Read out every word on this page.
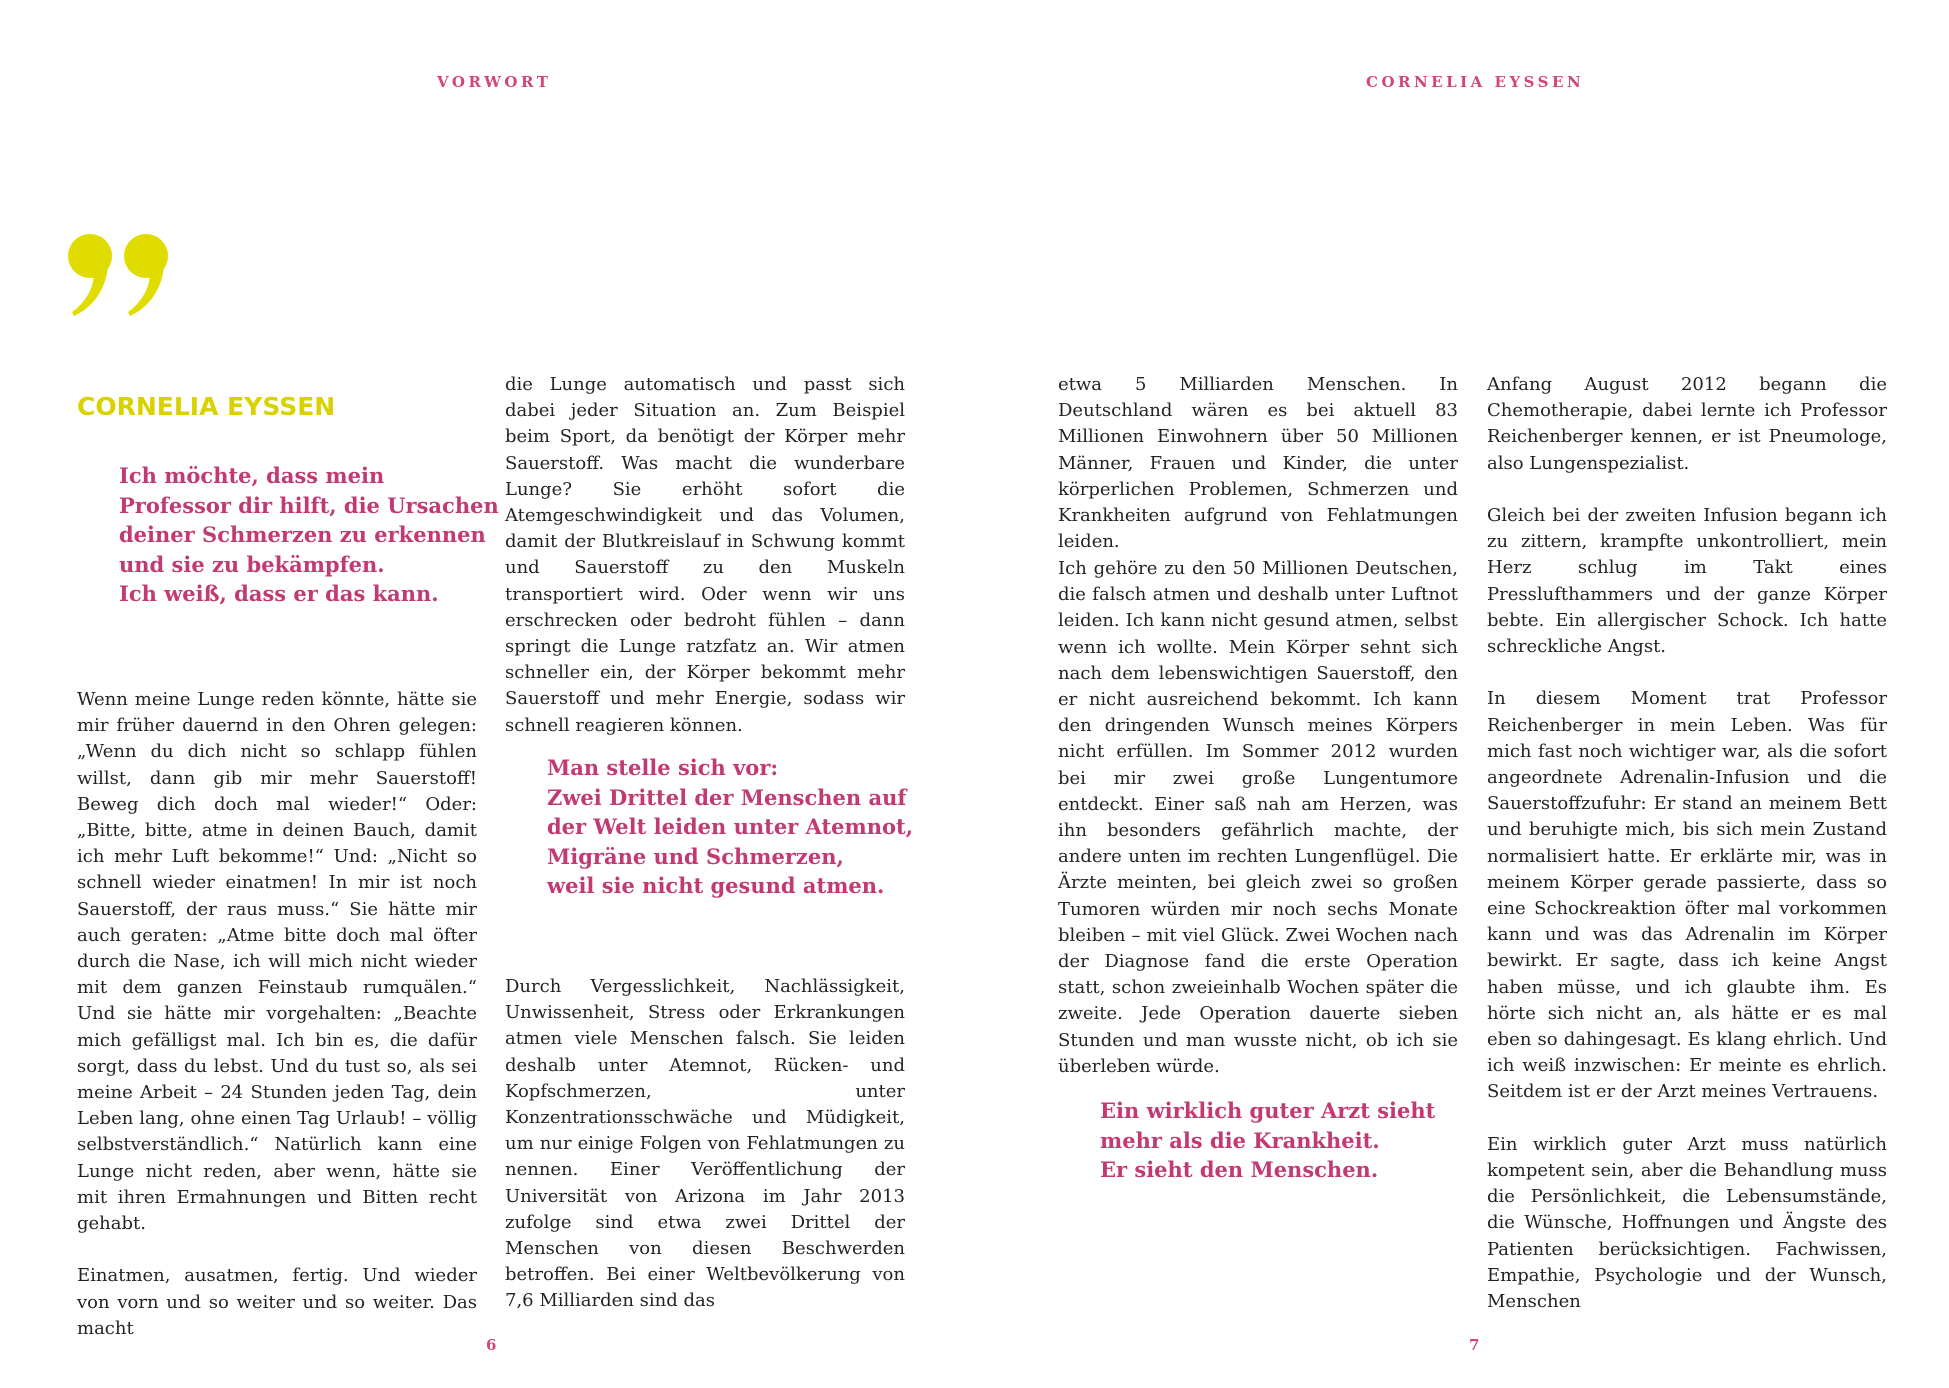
VORWORT	CORNELIA EYSSEN
CORNELIA EYSSEN

Ich möchte, dass mein
Professor dir hilft, die Ursachen
deiner Schmerzen zu erkennen
und sie zu bekämpfen.
Ich weiß, dass er das kann.

Man stelle sich vor:
Zwei Drittel der Menschen auf
der Welt leiden unter Atemnot,
Migräne und Schmerzen,
weil sie nicht gesund atmen.

Ein wirklich guter Arzt sieht
mehr als die Krankheit.
Er sieht den Menschen.

Wenn meine Lunge reden könnte, hätte sie mir früher dauernd in den Ohren gelegen: „Wenn du dich nicht so schlapp fühlen willst, dann gib mir mehr Sauerstoff! Beweg dich doch mal wieder!“ Oder: „Bitte, bitte, atme in deinen Bauch, damit ich mehr Luft bekomme!“ Und: „Nicht so schnell wieder einatmen! In mir ist noch Sauerstoff, der raus muss.“ Sie hätte mir auch geraten: „Atme bitte doch mal öfter durch die Nase, ich will mich nicht wieder mit dem ganzen Feinstaub rumquälen.“ Und sie hätte mir vorgehalten: „Beachte mich gefälligst mal. Ich bin es, die dafür sorgt, dass du lebst. Und du tust so, als sei meine Arbeit – 24 Stunden jeden Tag, dein Leben lang, ohne einen Tag Urlaub! – völlig selbstverständlich.“ Natürlich kann eine Lunge nicht reden, aber wenn, hätte sie mit ihren Ermahnungen und Bitten recht gehabt.

Einatmen, ausatmen, fertig. Und wieder von vorn und so weiter und so weiter. Das macht

die Lunge automatisch und passt sich dabei jeder Situation an. Zum Beispiel beim Sport, da benötigt der Körper mehr Sauerstoff. Was macht die wunderbare Lunge? Sie erhöht sofort die Atemgeschwindigkeit und das Volumen, damit der Blutkreislauf in Schwung kommt und Sauerstoff zu den Muskeln transportiert wird. Oder wenn wir uns erschrecken oder bedroht fühlen – dann springt die Lunge ratzfatz an. Wir atmen schneller ein, der Körper bekommt mehr Sauerstoff und mehr Energie, sodass wir schnell reagieren können.

Durch Vergesslichkeit, Nachlässigkeit, Unwissenheit, Stress oder Erkrankungen atmen viele Menschen falsch. Sie leiden deshalb unter Atemnot, Rücken- und Kopfschmerzen, unter Konzentrationsschwäche und Müdigkeit, um nur einige Folgen von Fehlatmungen zu nennen. Einer Veröffentlichung der Universität von Arizona im Jahr 2013 zufolge sind etwa zwei Drittel der Menschen von diesen Beschwerden betroffen. Bei einer Weltbevölkerung von 7,6 Milliarden sind das

etwa 5 Milliarden Menschen. In Deutschland wären es bei aktuell 83 Millionen Einwohnern über 50 Millionen Männer, Frauen und Kinder, die unter körperlichen Problemen, Schmerzen und Krankheiten aufgrund von Fehlatmungen leiden.

Ich gehöre zu den 50 Millionen Deutschen, die falsch atmen und deshalb unter Luftnot leiden. Ich kann nicht gesund atmen, selbst wenn ich wollte. Mein Körper sehnt sich nach dem lebenswichtigen Sauerstoff, den er nicht ausreichend bekommt. Ich kann den dringenden Wunsch meines Körpers nicht erfüllen. Im Sommer 2012 wurden bei mir zwei große Lungentumore entdeckt. Einer saß nah am Herzen, was ihn besonders gefährlich machte, der andere unten im rechten Lungenflügel. Die Ärzte meinten, bei gleich zwei so großen Tumoren würden mir noch sechs Monate bleiben – mit viel Glück. Zwei Wochen nach der Diagnose fand die erste Operation statt, schon zweieinhalb Wochen später die zweite. Jede Operation dauerte sieben Stunden und man wusste nicht, ob ich sie überleben würde.

Anfang August 2012 begann die Chemotherapie, dabei lernte ich Professor Reichenberger kennen, er ist Pneumologe, also Lungenspezialist.

Gleich bei der zweiten Infusion begann ich zu zittern, krampfte unkontrolliert, mein Herz schlug im Takt eines Presslufthammers und der ganze Körper bebte. Ein allergischer Schock. Ich hatte schreckliche Angst.

In diesem Moment trat Professor Reichenberger in mein Leben. Was für mich fast noch wichtiger war, als die sofort angeordnete Adrenalin-Infusion und die Sauerstoffzufuhr: Er stand an meinem Bett und beruhigte mich, bis sich mein Zustand normalisiert hatte. Er erklärte mir, was in meinem Körper gerade passierte, dass so eine Schockreaktion öfter mal vorkommen kann und was das Adrenalin im Körper bewirkt. Er sagte, dass ich keine Angst haben müsse, und ich glaubte ihm. Es hörte sich nicht an, als hätte er es mal eben so dahingesagt. Es klang ehrlich. Und ich weiß inzwischen: Er meinte es ehrlich. Seitdem ist er der Arzt meines Vertrauens.

Ein wirklich guter Arzt muss natürlich kompetent sein, aber die Behandlung muss die Persönlichkeit, die Lebensumstände, die Wünsche, Hoffnungen und Ängste des Patienten berücksichtigen. Fachwissen, Empathie, Psychologie und der Wunsch, Menschen

6	7
